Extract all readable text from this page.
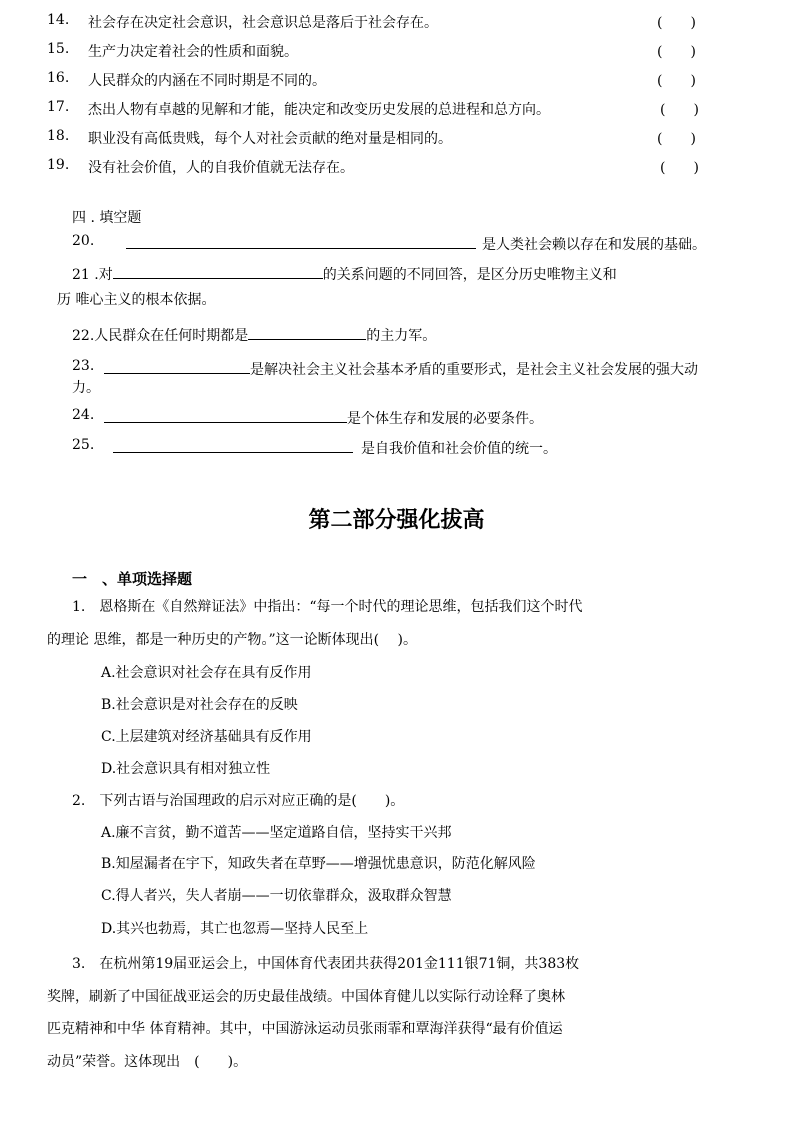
14. 社会存在决定社会意识，社会意识总是落后于社会存在。	(　　)
15. 生产力决定着社会的性质和面貌。	(　　)
16. 人民群众的内涵在不同时期是不同的。	(　　)
17. 杰出人物有卓越的见解和才能，能决定和改变历史发展的总进程和总方向。	(　　)
18. 职业没有高低贵贱，每个人对社会贡献的绝对量是相同的。	(　　)
19. 没有社会价值，人的自我价值就无法存在。	(　　)
四 . 填空题
20.	是人类社会赖以存在和发展的基础。
21 .对	的关系问题的不同回答，是区分历史唯物主义和
历 唯心主义的根本依据。
22.人民群众在任何时期都是	的主力军。
23.	是解决社会主义社会基本矛盾的重要形式，是社会主义社会发展的强大动
力。
24.	是个体生存和发展的必要条件。
25.	是自我价值和社会价值的统一。
第二部分强化拔高
一　、单项选择题
1.　恩格斯在《自然辩证法》中指出：“每一个时代的理论思维，包括我们这个时代
的理论 思维，都是一种历史的产物。”这一论断体现出(　 )。
A.社会意识对社会存在具有反作用
B.社会意识是对社会存在的反映
C.上层建筑对经济基础具有反作用
D.社会意识具有相对独立性
2.　下列古语与治国理政的启示对应正确的是(　　)。
A.廉不言贫，勤不道苦——坚定道路自信，坚持实干兴邦
B.知屋漏者在宇下，知政失者在草野——增强忧患意识，防范化解风险
C.得人者兴，失人者崩——一切依靠群众，汲取群众智慧
D.其兴也勃焉，其亡也忽焉—坚持人民至上
3.　在杭州第19届亚运会上，中国体育代表团共获得201金111银71铜，共383枚
奖牌，刷新了中国征战亚运会的历史最佳战绩。中国体育健儿以实际行动诠释了奥林
匹克精神和中华 体育精神。其中，中国游泳运动员张雨霏和覃海洋获得“最有价值运
动员”荣誉。这体现出　(　　)。
